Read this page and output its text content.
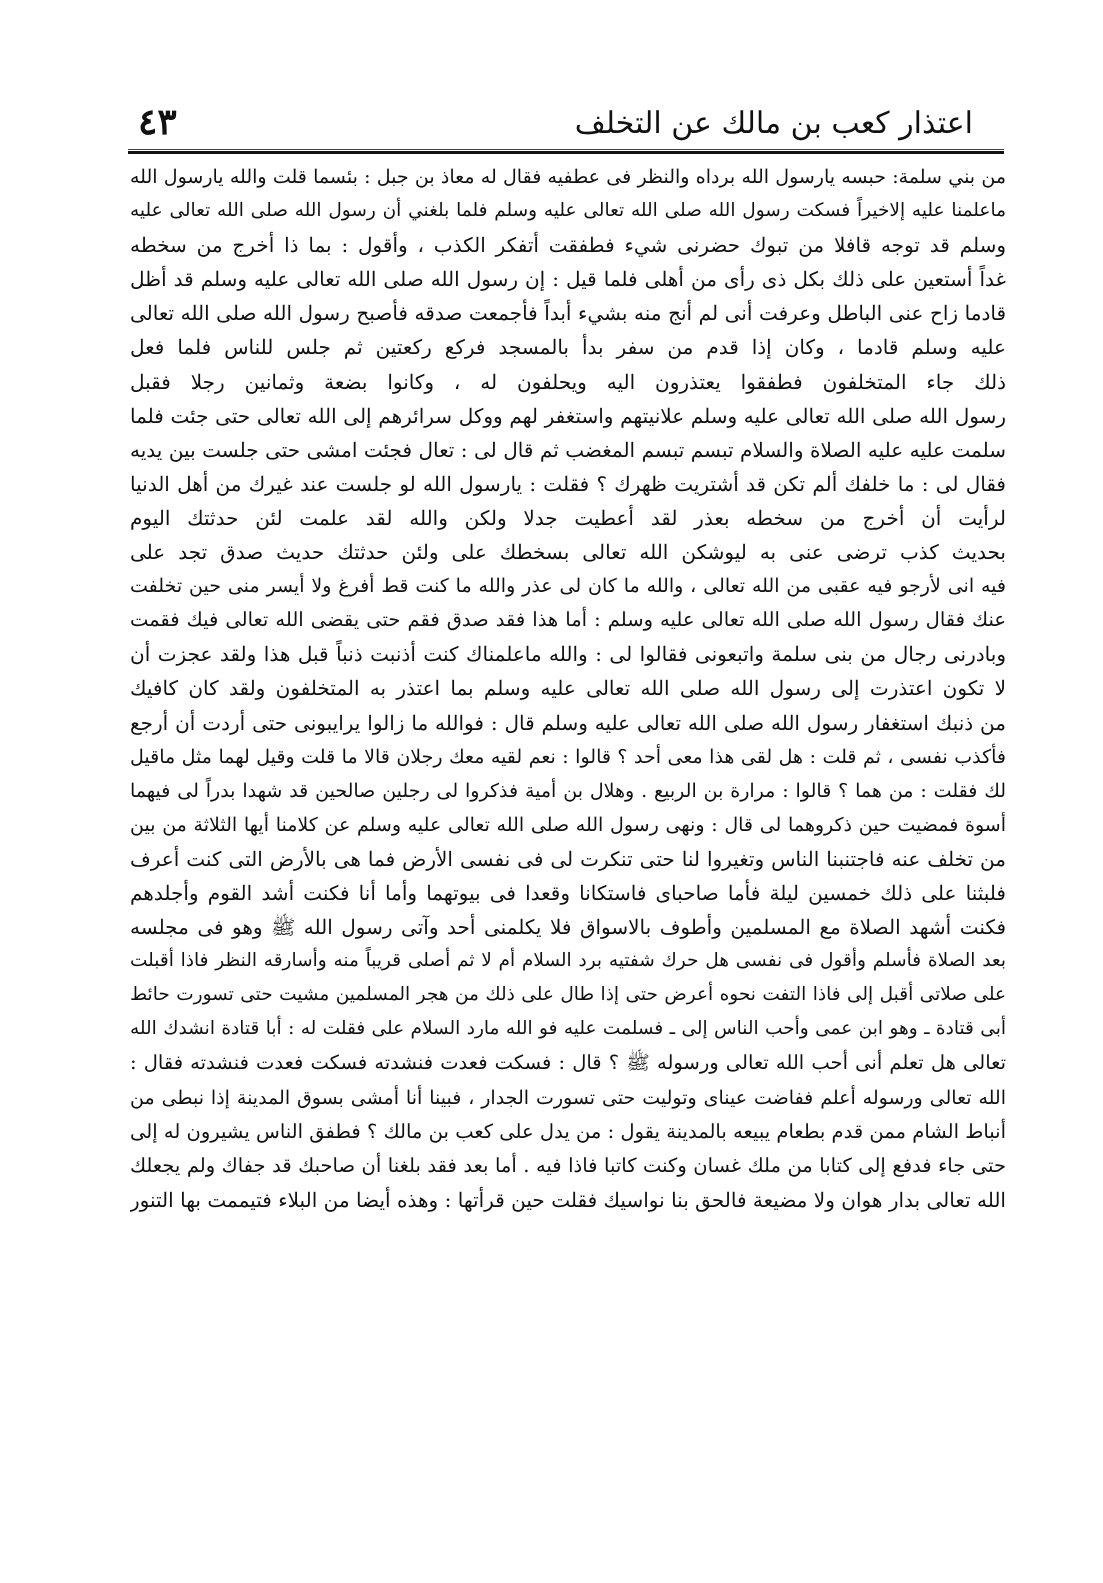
اعتذار كعب بن مالك عن التخلف
٤٣
من بني سلمة: حبسه يارسول الله برداه والنظر فى عطفيه فقال له معاذ بن جبل : بئسما قلت والله يارسول الله
ماعلمنا عليه إلاخيراً فسكت رسول الله صلى الله تعالى عليه وسلم فلما بلغني أن رسول الله صلى الله تعالى عليه
وسلم قد توجه قافلا من تبوك حضرنى شيء فطفقت أتفكر الكذب ، وأقول : بما ذا أخرج من سخطه
غداً أستعين على ذلك بكل ذى رأى من أهلى فلما قيل : إن رسول الله صلى الله تعالى عليه وسلم قد أظل
قادما زاح عنى الباطل وعرفت أنى لم أنج منه بشيء أبداً فأجمعت صدقه فأصبح رسول الله صلى الله تعالى
عليه وسلم قادما ، وكان إذا قدم من سفر بدأ بالمسجد فركع ركعتين ثم جلس للناس فلما فعل
ذلك جاء المتخلفون فطفقوا يعتذرون اليه ويحلفون له ، وكانوا بضعة وثمانين رجلا فقبل
رسول الله صلى الله تعالى عليه وسلم علانيتهم واستغفر لهم ووكل سرائرهم إلى الله تعالى حتى جئت فلما
سلمت عليه عليه الصلاة والسلام تبسم تبسم المغضب ثم قال لى : تعال فجئت امشى حتى جلست بين يديه
فقال لى : ما خلفك ألم تكن قد أشتريت ظهرك ؟ فقلت : يارسول الله لو جلست عند غيرك من أهل الدنيا
لرأيت أن أخرج من سخطه بعذر لقد أعطيت جدلا ولكن والله لقد علمت لئن حدثتك اليوم
بحديث كذب ترضى عنى به ليوشكن الله تعالى بسخطك على ولئن حدثتك حديث صدق تجد على
فيه انى لأرجو فيه عقبى من الله تعالى ، والله ما كان لى عذر والله ما كنت قط أفرغ ولا أيسر منى حين تخلفت
عنك فقال رسول الله صلى الله تعالى عليه وسلم : أما هذا فقد صدق فقم حتى يقضى الله تعالى فيك فقمت
وبادرنى رجال من بنى سلمة واتبعونى فقالوا لى : والله ماعلمناك كنت أذنبت ذنباً قبل هذا ولقد عجزت أن
لا تكون اعتذرت إلى رسول الله صلى الله تعالى عليه وسلم بما اعتذر به المتخلفون ولقد كان كافيك
من ذنبك استغفار رسول الله صلى الله تعالى عليه وسلم قال : فوالله ما زالوا يرايبونى حتى أردت أن أرجع
فأكذب نفسى ، ثم قلت : هل لقى هذا معى أحد ؟ قالوا : نعم لقيه معك رجلان قالا ما قلت وقيل لهما مثل ماقيل
لك فقلت : من هما ؟ قالوا : مرارة بن الربيع . وهلال بن أمية فذكروا لى رجلين صالحين قد شهدا بدراً لى فيهما
أسوة فمضيت حين ذكروهما لى قال : ونهى رسول الله صلى الله تعالى عليه وسلم عن كلامنا أيها الثلاثة من بين
من تخلف عنه فاجتنبنا الناس وتغيروا لنا حتى تنكرت لى فى نفسى الأرض فما هى بالأرض التى كنت أعرف
فلبثنا على ذلك خمسين ليلة فأما صاحباى فاستكانا وقعدا فى بيوتهما وأما أنا فكنت أشد القوم وأجلدهم
فكنت أشهد الصلاة مع المسلمين وأطوف بالاسواق فلا يكلمنى أحد وآتى رسول الله ﷺ وهو فى مجلسه
بعد الصلاة فأسلم وأقول فى نفسى هل حرك شفتيه برد السلام أم لا ثم أصلى قريباً منه وأسارقه النظر فاذا أقبلت
على صلاتى أقبل إلى فاذا التفت نحوه أعرض حتى إذا طال على ذلك من هجر المسلمين مشيت حتى تسورت حائط
أبى قتادة ـ وهو ابن عمى وأحب الناس إلى ـ فسلمت عليه فو الله مارد السلام على فقلت له : أبا قتادة انشدك الله
تعالى هل تعلم أنى أحب الله تعالى ورسوله ﷺ ؟ قال : فسكت فعدت فنشدته فسكت فعدت فنشدته فقال :
الله تعالى ورسوله أعلم ففاضت عيناى وتوليت حتى تسورت الجدار ، فبينا أنا أمشى بسوق المدينة إذا نبطى من
أنباط الشام ممن قدم بطعام يبيعه بالمدينة يقول : من يدل على كعب بن مالك ؟ فطفق الناس يشيرون له إلى
حتى جاء فدفع إلى كتابا من ملك غسان وكنت كاتبا فاذا فيه . أما بعد فقد بلغنا أن صاحبك قد جفاك ولم يجعلك
الله تعالى بدار هوان ولا مضيعة فالحق بنا نواسيك فقلت حين قرأتها : وهذه أيضا من البلاء فتيممت بها التنور
